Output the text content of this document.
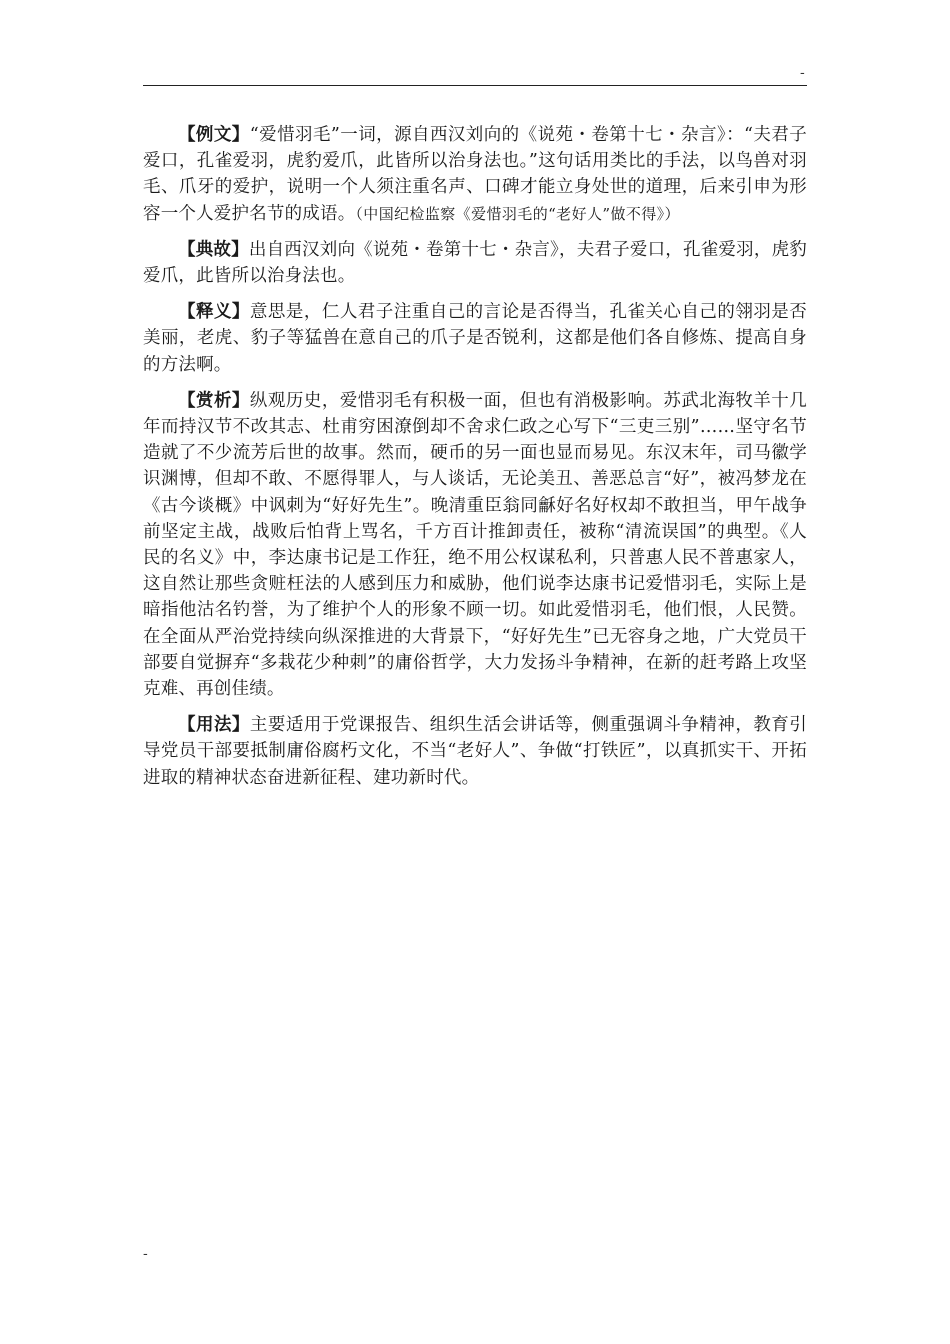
-

【例文】“爱惜羽毛”一词，源自西汉刘向的《说苑・卷第十七・杂言》：“夫君子爱口，孔雀爱羽，虎豹爱爪，此皆所以治身法也。”这句话用类比的手法，以鸟兽对羽毛、爪牙的爱护，说明一个人须注重名声、口碑才能立身处世的道理，后来引申为形容一个人爱护名节的成语。（中国纪检监察《爱惜羽毛的“老好人”做不得》）

【典故】出自西汉刘向《说苑・卷第十七・杂言》，夫君子爱口，孔雀爱羽，虎豹爱爪，此皆所以治身法也。

【释义】意思是，仁人君子注重自己的言论是否得当，孔雀关心自己的翎羽是否美丽，老虎、豹子等猛兽在意自己的爪子是否锐利，这都是他们各自修炼、提高自身的方法啊。

【赏析】纵观历史，爱惜羽毛有积极一面，但也有消极影响。苏武北海牧羊十几年而持汉节不改其志、杜甫穷困潦倒却不舍求仁政之心写下“三吏三别”……坚守名节造就了不少流芳后世的故事。然而，硬币的另一面也显而易见。东汉末年，司马徽学识渊博，但却不敢、不愿得罪人，与人谈话，无论美丑、善恶总言“好”，被冯梦龙在《古今谈概》中讽刺为“好好先生”。晚清重臣翁同龢好名好权却不敢担当，甲午战争前坚定主战，战败后怕背上骂名，千方百计推卸责任，被称“清流误国”的典型。《人民的名义》中，李达康书记是工作狂，绝不用公权谋私利，只普惠人民不普惠家人，这自然让那些贪赃枉法的人感到压力和威胁，他们说李达康书记爱惜羽毛，实际上是暗指他沽名钓誉，为了维护个人的形象不顾一切。如此爱惜羽毛，他们恨，人民赞。在全面从严治党持续向纵深推进的大背景下，“好好先生”已无容身之地，广大党员干部要自觉摒弃“多栽花少种刺”的庸俗哲学，大力发扬斗争精神，在新的赶考路上攻坚克难、再创佳绩。

【用法】主要适用于党课报告、组织生活会讲话等，侧重强调斗争精神，教育引导党员干部要抵制庸俗腐朽文化，不当“老好人”、争做“打铁匠”，以真抓实干、开拓进取的精神状态奋进新征程、建功新时代。

-
